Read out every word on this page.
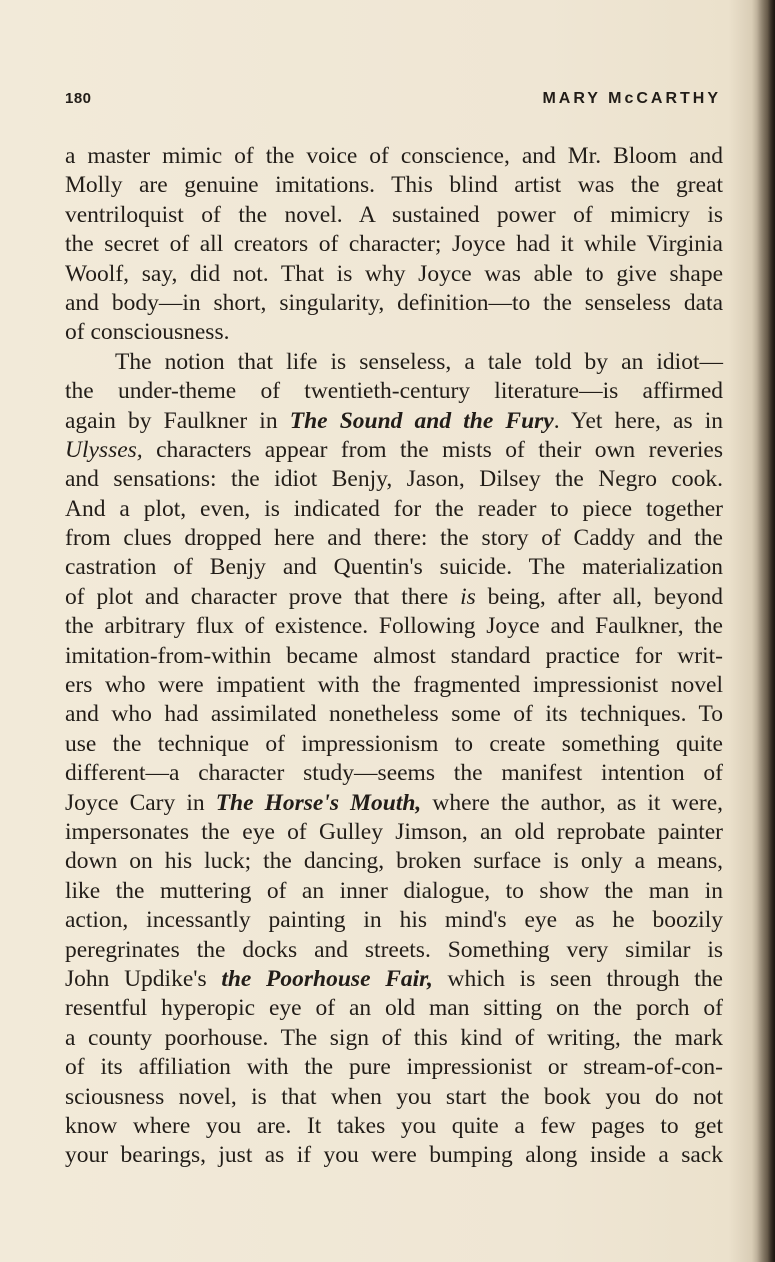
180	MARY McCARTHY
a master mimic of the voice of conscience, and Mr. Bloom and
Molly are genuine imitations. This blind artist was the great
ventriloquist of the novel. A sustained power of mimicry is
the secret of all creators of character; Joyce had it while Virginia
Woolf, say, did not. That is why Joyce was able to give shape
and body—in short, singularity, definition—to the senseless data
of consciousness.
The notion that life is senseless, a tale told by an idiot—
the under-theme of twentieth-century literature—is affirmed
again by Faulkner in The Sound and the Fury. Yet here, as in
Ulysses, characters appear from the mists of their own reveries
and sensations: the idiot Benjy, Jason, Dilsey the Negro cook.
And a plot, even, is indicated for the reader to piece together
from clues dropped here and there: the story of Caddy and the
castration of Benjy and Quentin's suicide. The materialization
of plot and character prove that there is being, after all, beyond
the arbitrary flux of existence. Following Joyce and Faulkner, the
imitation-from-within became almost standard practice for writ-
ers who were impatient with the fragmented impressionist novel
and who had assimilated nonetheless some of its techniques. To
use the technique of impressionism to create something quite
different—a character study—seems the manifest intention of
Joyce Cary in The Horse's Mouth, where the author, as it were,
impersonates the eye of Gulley Jimson, an old reprobate painter
down on his luck; the dancing, broken surface is only a means,
like the muttering of an inner dialogue, to show the man in
action, incessantly painting in his mind's eye as he boozily
peregrinates the docks and streets. Something very similar is
John Updike's the Poorhouse Fair, which is seen through the
resentful hyperopic eye of an old man sitting on the porch of
a county poorhouse. The sign of this kind of writing, the mark
of its affiliation with the pure impressionist or stream-of-con-
sciousness novel, is that when you start the book you do not
know where you are. It takes you quite a few pages to get
your bearings, just as if you were bumping along inside a sack
